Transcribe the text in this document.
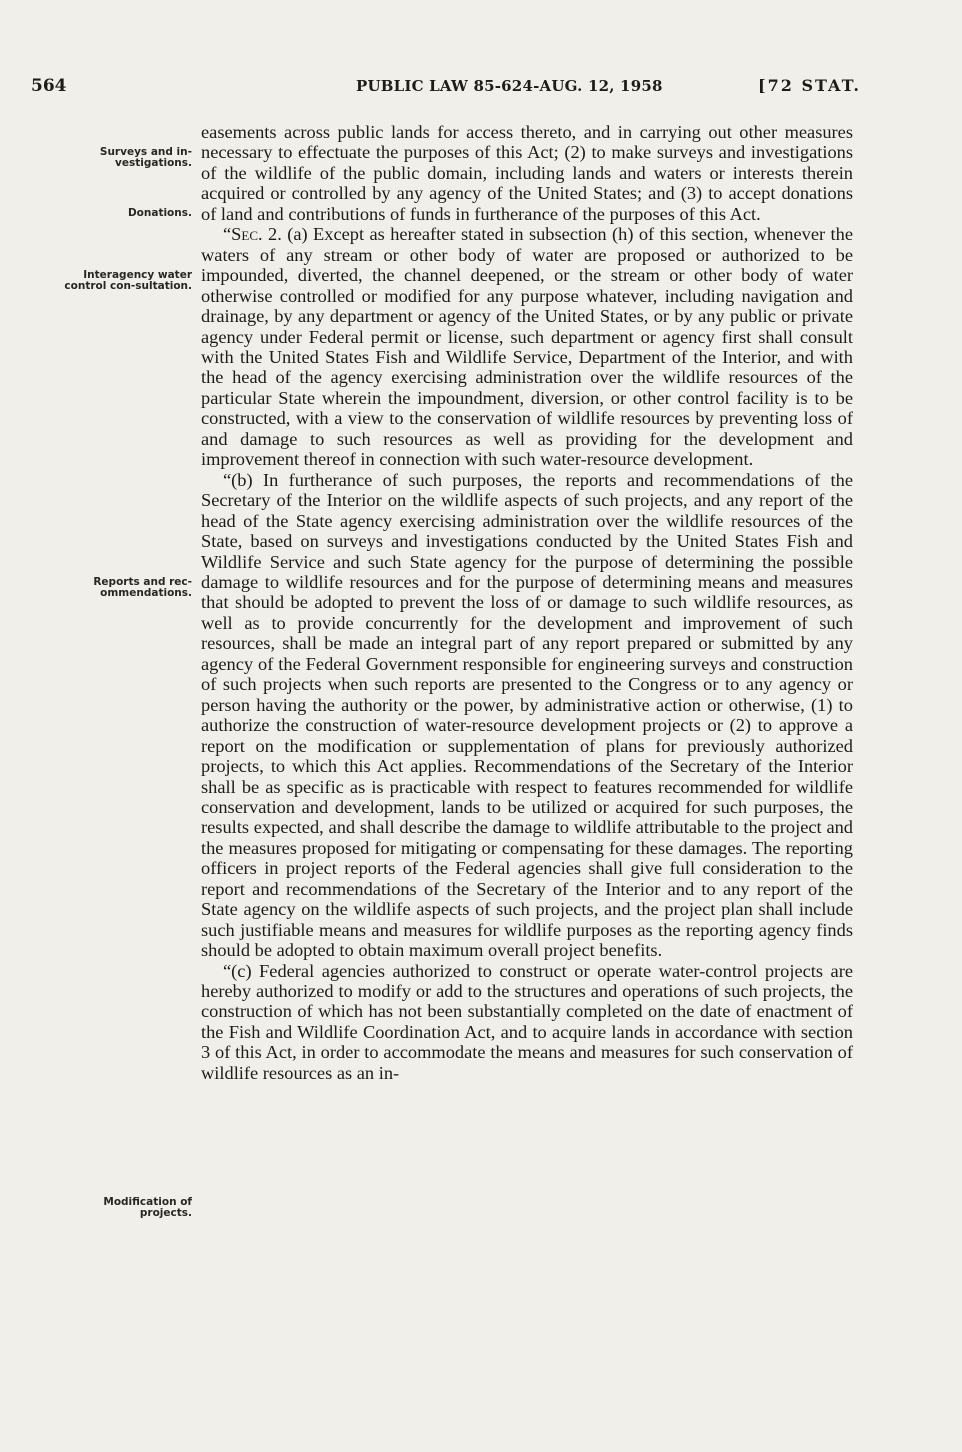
564	PUBLIC LAW 85-624-AUG. 12, 1958	[72 STAT.
Surveys and in-vestigations.
Donations.
Interagency water control con-sultation.
Reports and rec-ommendations.
Modification of projects.

easements across public lands for access thereto, and in carrying out other measures necessary to effectuate the purposes of this Act; (2) to make surveys and investigations of the wildlife of the public domain, including lands and waters or interests therein acquired or controlled by any agency of the United States; and (3) to accept donations of land and contributions of funds in furtherance of the purposes of this Act.

“Sec. 2. (a) Except as hereafter stated in subsection (h) of this section, whenever the waters of any stream or other body of water are proposed or authorized to be impounded, diverted, the channel deepened, or the stream or other body of water otherwise controlled or modified for any purpose whatever, including navigation and drainage, by any department or agency of the United States, or by any public or private agency under Federal permit or license, such department or agency first shall consult with the United States Fish and Wildlife Service, Department of the Interior, and with the head of the agency exercising administration over the wildlife resources of the particular State wherein the impoundment, diversion, or other control facility is to be constructed, with a view to the conservation of wildlife resources by preventing loss of and damage to such resources as well as providing for the development and improvement thereof in connection with such water-resource development.

“(b) In furtherance of such purposes, the reports and recommendations of the Secretary of the Interior on the wildlife aspects of such projects, and any report of the head of the State agency exercising administration over the wildlife resources of the State, based on surveys and investigations conducted by the United States Fish and Wildlife Service and such State agency for the purpose of determining the possible damage to wildlife resources and for the purpose of determining means and measures that should be adopted to prevent the loss of or damage to such wildlife resources, as well as to provide concurrently for the development and improvement of such resources, shall be made an integral part of any report prepared or submitted by any agency of the Federal Government responsible for engineering surveys and construction of such projects when such reports are presented to the Congress or to any agency or person having the authority or the power, by administrative action or otherwise, (1) to authorize the construction of water-resource development projects or (2) to approve a report on the modification or supplementation of plans for previously authorized projects, to which this Act applies. Recommendations of the Secretary of the Interior shall be as specific as is practicable with respect to features recommended for wildlife conservation and development, lands to be utilized or acquired for such purposes, the results expected, and shall describe the damage to wildlife attributable to the project and the measures proposed for mitigating or compensating for these damages. The reporting officers in project reports of the Federal agencies shall give full consideration to the report and recommendations of the Secretary of the Interior and to any report of the State agency on the wildlife aspects of such projects, and the project plan shall include such justifiable means and measures for wildlife purposes as the reporting agency finds should be adopted to obtain maximum overall project benefits.

“(c) Federal agencies authorized to construct or operate water-control projects are hereby authorized to modify or add to the structures and operations of such projects, the construction of which has not been substantially completed on the date of enactment of the Fish and Wildlife Coordination Act, and to acquire lands in accordance with section 3 of this Act, in order to accommodate the means and measures for such conservation of wildlife resources as an in-
